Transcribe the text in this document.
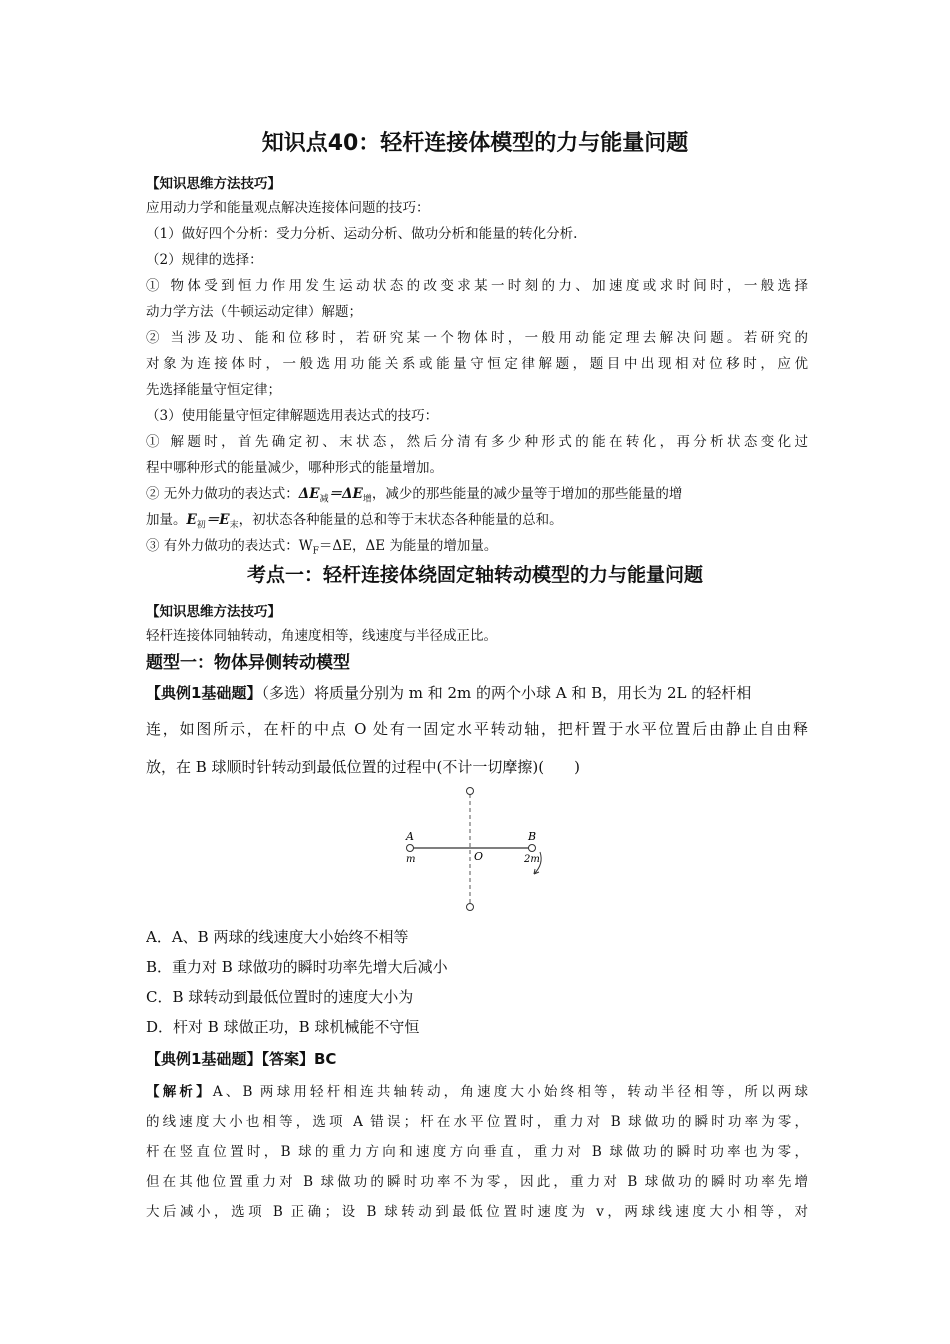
知识点40：轻杆连接体模型的力与能量问题
【知识思维方法技巧】
应用动力学和能量观点解决连接体问题的技巧：
（1）做好四个分析：受力分析、运动分析、做功分析和能量的转化分析.
（2）规律的选择：
① 物体受到恒力作用发生运动状态的改变求某一时刻的力、加速度或求时间时，一般选择
动力学方法（牛顿运动定律）解题；
② 当涉及功、能和位移时，若研究某一个物体时，一般用动能定理去解决问题。若研究的
对象为连接体时，一般选用功能关系或能量守恒定律解题，题目中出现相对位移时，应优
先选择能量守恒定律；
（3）使用能量守恒定律解题选用表达式的技巧：
① 解题时，首先确定初、末状态，然后分清有多少种形式的能在转化，再分析状态变化过
程中哪种形式的能量减少，哪种形式的能量增加。
② 无外力做功的表达式：$\Delta E_减=\Delta E_增$，减少的那些能量的减少量等于增加的那些能量的增
加量。$E_初=E_末$，初状态各种能量的总和等于末状态各种能量的总和。
③ 有外力做功的表达式：$W_F=\Delta E$，ΔE 为能量的增加量。
考点一：轻杆连接体绕固定轴转动模型的力与能量问题
【知识思维方法技巧】
轻杆连接体同轴转动，角速度相等，线速度与半径成正比。
题型一：物体异侧转动模型
【典例1基础题】（多选）将质量分别为 m 和 2m 的两个小球 A 和 B，用长为 2L 的轻杆相
连，如图所示，在杆的中点 O 处有一固定水平转动轴，把杆置于水平位置后由静止自由释
放，在 B 球顺时针转动到最低位置的过程中(不计一切摩擦)(　　)
A	B
m	O	2m
A．A、B 两球的线速度大小始终不相等
B．重力对 B 球做功的瞬时功率先增大后减小
C．B 球转动到最低位置时的速度大小为
D．杆对 B 球做正功，B 球机械能不守恒
【典例1基础题】【答案】BC
【解析】A、B 两球用轻杆相连共轴转动，角速度大小始终相等，转动半径相等，所以两球
的线速度大小也相等，选项 A 错误；杆在水平位置时，重力对 B 球做功的瞬时功率为零，
杆在竖直位置时，B 球的重力方向和速度方向垂直，重力对 B 球做功的瞬时功率也为零，
但在其他位置重力对 B 球做功的瞬时功率不为零，因此，重力对 B 球做功的瞬时功率先增
大后减小，选项 B 正确；设 B 球转动到最低位置时速度为 v，两球线速度大小相等，对
